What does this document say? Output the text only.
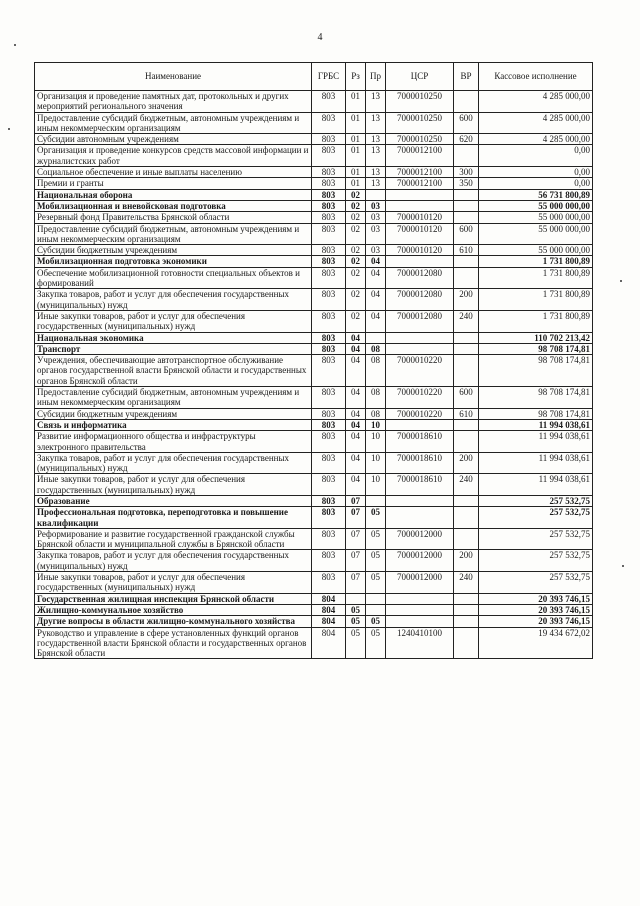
4
Наименование	ГРБС	Рз	Пр	ЦСР	ВР	Кассовое исполнение
Организация и проведение памятных дат, протокольных и других мероприятий регионального значения	803	01	13	7000010250		4 285 000,00
Предоставление субсидий бюджетным, автономным учреждениям и иным некоммерческим организациям	803	01	13	7000010250	600	4 285 000,00
Субсидии автономным учреждениям	803	01	13	7000010250	620	4 285 000,00
Организация и проведение конкурсов средств массовой информации и журналистских работ	803	01	13	7000012100		0,00
Социальное обеспечение и иные выплаты населению	803	01	13	7000012100	300	0,00
Премии и гранты	803	01	13	7000012100	350	0,00
Национальная оборона	803	02				56 731 800,89
Мобилизационная и вневойсковая подготовка	803	02	03			55 000 000,00
Резервный фонд Правительства Брянской области	803	02	03	7000010120		55 000 000,00
Предоставление субсидий бюджетным, автономным учреждениям и иным некоммерческим организациям	803	02	03	7000010120	600	55 000 000,00
Субсидии бюджетным учреждениям	803	02	03	7000010120	610	55 000 000,00
Мобилизационная подготовка экономики	803	02	04			1 731 800,89
Обеспечение мобилизационной готовности специальных объектов и формирований	803	02	04	7000012080		1 731 800,89
Закупка товаров, работ и услуг для обеспечения государственных (муниципальных) нужд	803	02	04	7000012080	200	1 731 800,89
Иные закупки товаров, работ и услуг для обеспечения государственных (муниципальных) нужд	803	02	04	7000012080	240	1 731 800,89
Национальная экономика	803	04				110 702 213,42
Транспорт	803	04	08			98 708 174,81
Учреждения, обеспечивающие автотранспортное обслуживание органов государственной власти Брянской области и государственных органов Брянской области	803	04	08	7000010220		98 708 174,81
Предоставление субсидий бюджетным, автономным учреждениям и иным некоммерческим организациям	803	04	08	7000010220	600	98 708 174,81
Субсидии бюджетным учреждениям	803	04	08	7000010220	610	98 708 174,81
Связь и информатика	803	04	10			11 994 038,61
Развитие информационного общества и инфраструктуры электронного правительства	803	04	10	7000018610		11 994 038,61
Закупка товаров, работ и услуг для обеспечения государственных (муниципальных) нужд	803	04	10	7000018610	200	11 994 038,61
Иные закупки товаров, работ и услуг для обеспечения государственных (муниципальных) нужд	803	04	10	7000018610	240	11 994 038,61
Образование	803	07				257 532,75
Профессиональная подготовка, переподготовка и повышение квалификации	803	07	05			257 532,75
Реформирование и развитие государственной гражданской службы Брянской области и муниципальной службы в Брянской области	803	07	05	7000012000		257 532,75
Закупка товаров, работ и услуг для обеспечения государственных (муниципальных) нужд	803	07	05	7000012000	200	257 532,75
Иные закупки товаров, работ и услуг для обеспечения государственных (муниципальных) нужд	803	07	05	7000012000	240	257 532,75
Государственная жилищная инспекция Брянской области	804					20 393 746,15
Жилищно-коммунальное хозяйство	804	05				20 393 746,15
Другие вопросы в области жилищно-коммунального хозяйства	804	05	05			20 393 746,15
Руководство и управление в сфере установленных функций органов государственной власти Брянской области и государственных органов Брянской области	804	05	05	1240410100		19 434 672,02
